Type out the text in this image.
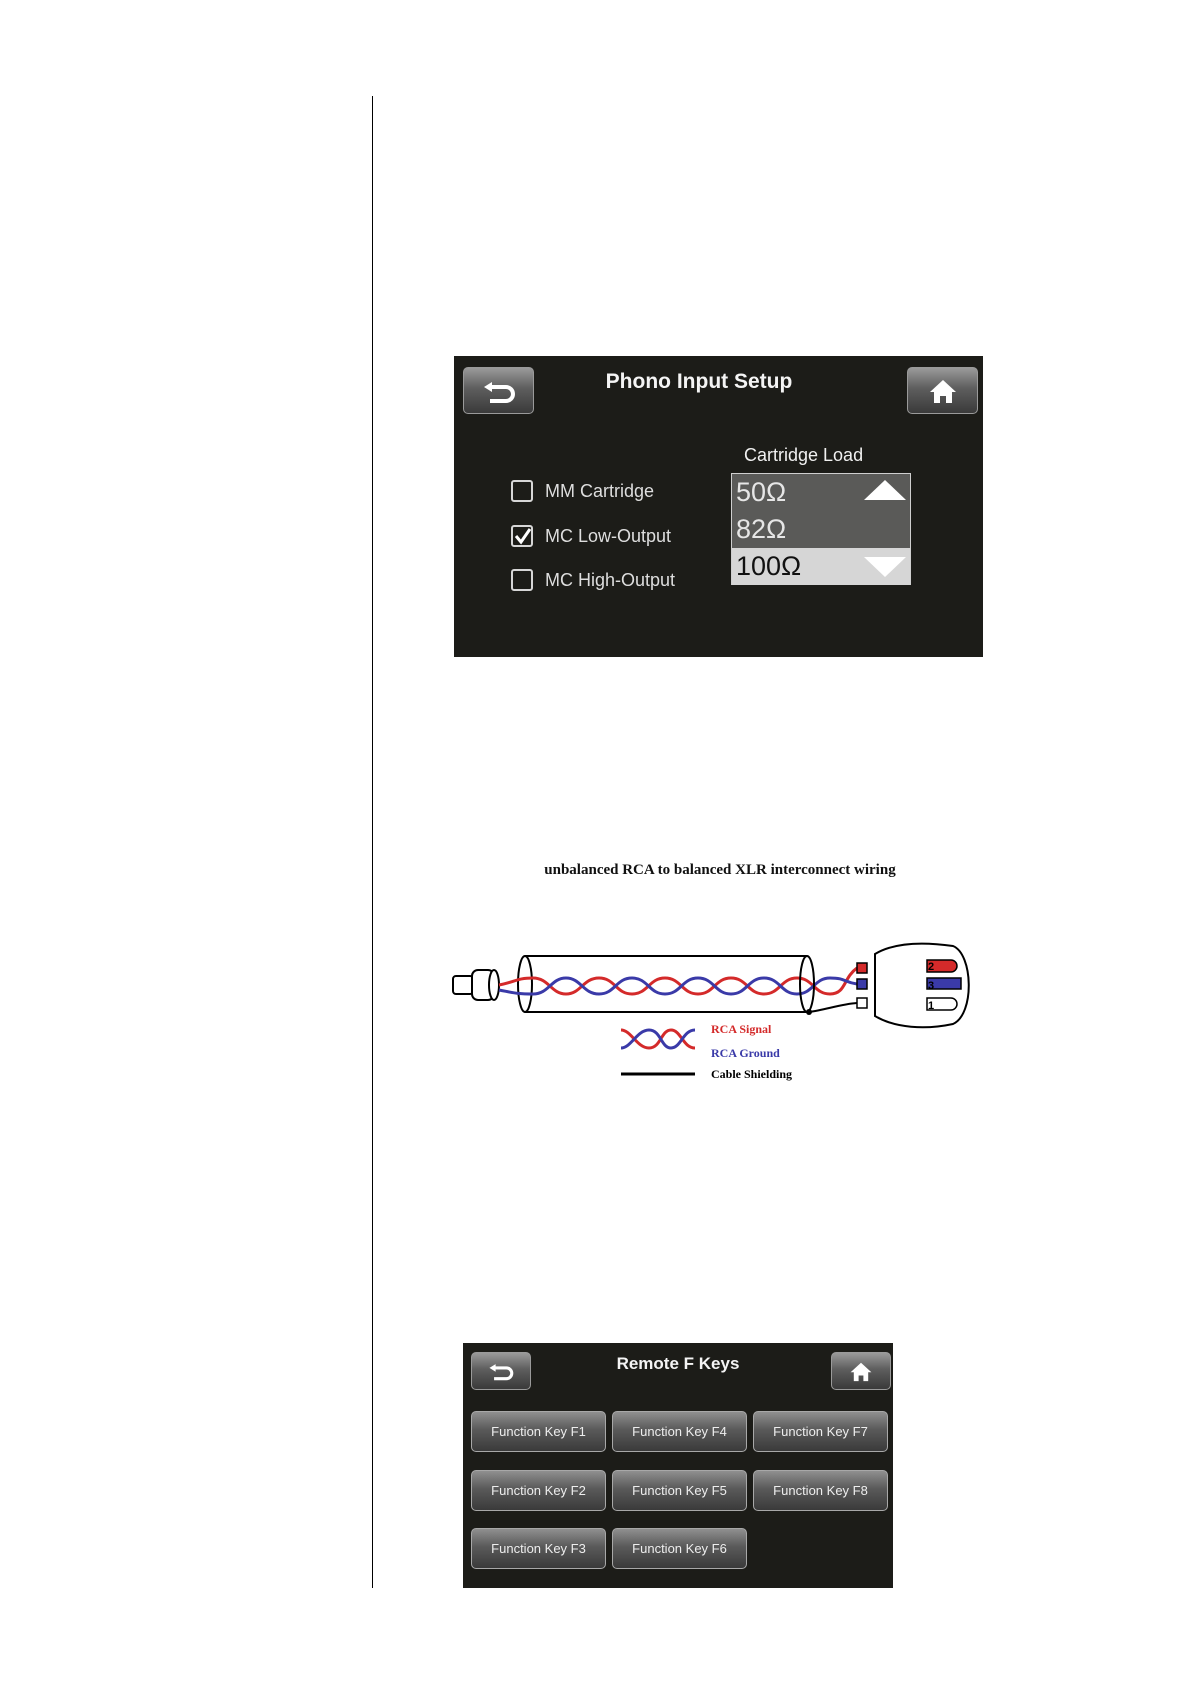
Phono Input Setup
MM Cartridge
MC Low-Output
MC High-Output
Cartridge Load
50Ω
82Ω
100Ω
unbalanced RCA to balanced XLR interconnect wiring
2
3
1
RCA Signal
RCA Ground
Cable Shielding
Remote F Keys
Function Key F1	Function Key F4	Function Key F7
Function Key F2	Function Key F5	Function Key F8
Function Key F3	Function Key F6
